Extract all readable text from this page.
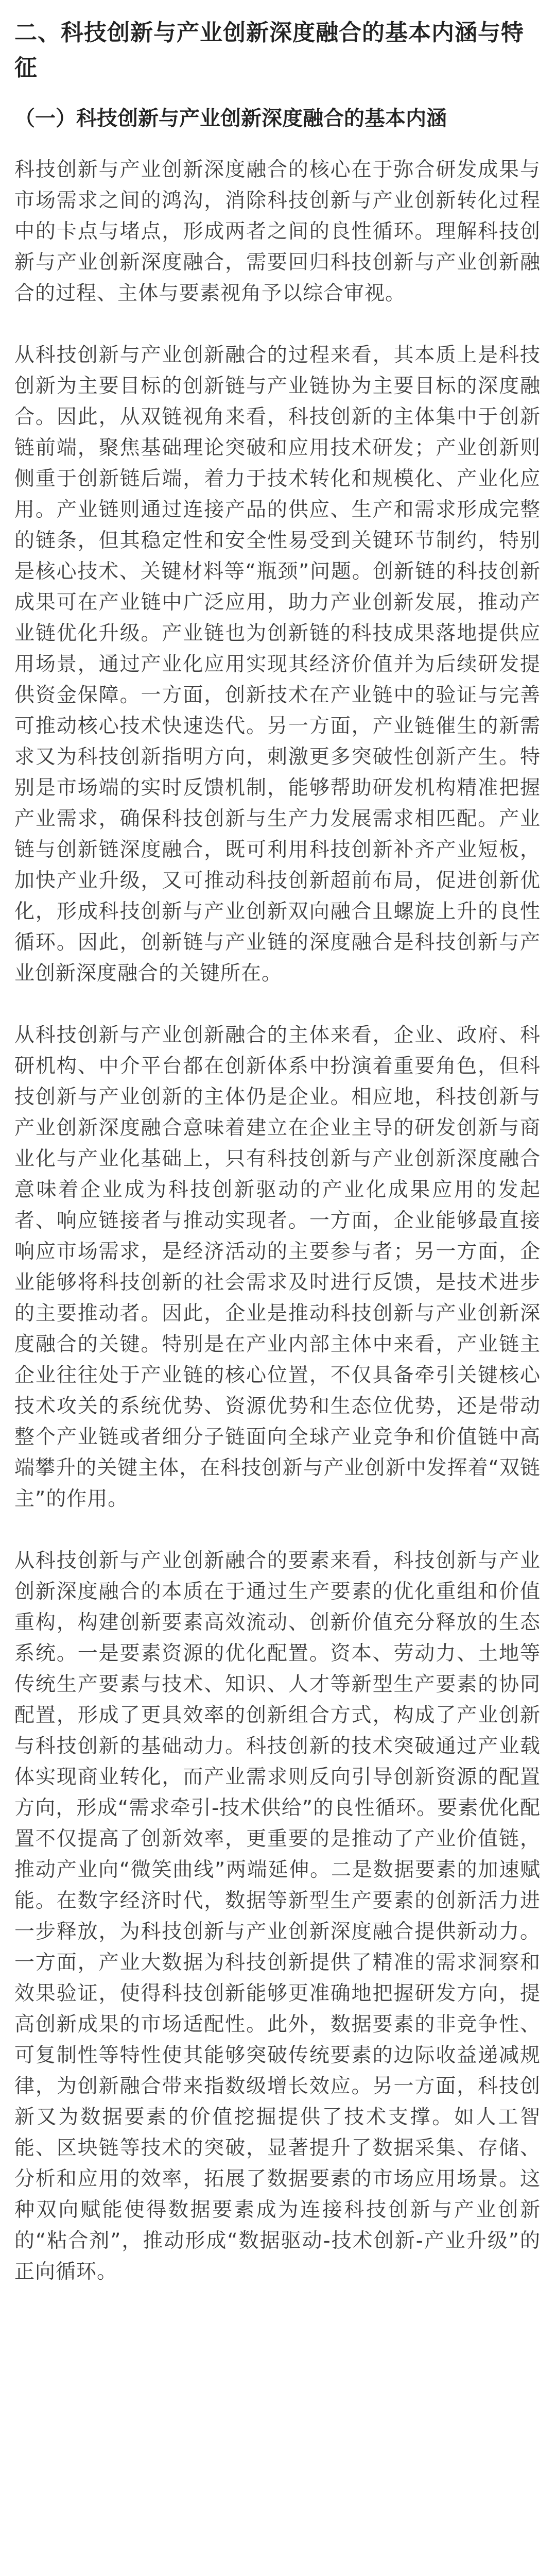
二、科技创新与产业创新深度融合的基本内涵与特征
（一）科技创新与产业创新深度融合的基本内涵

科技创新与产业创新深度融合的核心在于弥合研发成果与市场需求之间的鸿沟，消除科技创新与产业创新转化过程中的卡点与堵点，形成两者之间的良性循环。理解科技创新与产业创新深度融合，需要回归科技创新与产业创新融合的过程、主体与要素视角予以综合审视。

从科技创新与产业创新融合的过程来看，其本质上是科技创新为主要目标的创新链与产业链协为主要目标的深度融合。因此，从双链视角来看，科技创新的主体集中于创新链前端，聚焦基础理论突破和应用技术研发；产业创新则侧重于创新链后端，着力于技术转化和规模化、产业化应用。产业链则通过连接产品的供应、生产和需求形成完整的链条，但其稳定性和安全性易受到关键环节制约，特别是核心技术、关键材料等“瓶颈”问题。创新链的科技创新成果可在产业链中广泛应用，助力产业创新发展，推动产业链优化升级。产业链也为创新链的科技成果落地提供应用场景，通过产业化应用实现其经济价值并为后续研发提供资金保障。一方面，创新技术在产业链中的验证与完善可推动核心技术快速迭代。另一方面，产业链催生的新需求又为科技创新指明方向，刺激更多突破性创新产生。特别是市场端的实时反馈机制，能够帮助研发机构精准把握产业需求，确保科技创新与生产力发展需求相匹配。产业链与创新链深度融合，既可利用科技创新补齐产业短板，加快产业升级，又可推动科技创新超前布局，促进创新优化，形成科技创新与产业创新双向融合且螺旋上升的良性循环。因此，创新链与产业链的深度融合是科技创新与产业创新深度融合的关键所在。

从科技创新与产业创新融合的主体来看，企业、政府、科研机构、中介平台都在创新体系中扮演着重要角色，但科技创新与产业创新的主体仍是企业。相应地，科技创新与产业创新深度融合意味着建立在企业主导的研发创新与商业化与产业化基础上，只有科技创新与产业创新深度融合意味着企业成为科技创新驱动的产业化成果应用的发起者、响应链接者与推动实现者。一方面，企业能够最直接响应市场需求，是经济活动的主要参与者；另一方面，企业能够将科技创新的社会需求及时进行反馈，是技术进步的主要推动者。因此，企业是推动科技创新与产业创新深度融合的关键。特别是在产业内部主体中来看，产业链主企业往往处于产业链的核心位置，不仅具备牵引关键核心技术攻关的系统优势、资源优势和生态位优势，还是带动整个产业链或者细分子链面向全球产业竞争和价值链中高端攀升的关键主体，在科技创新与产业创新中发挥着“双链主”的作用。

从科技创新与产业创新融合的要素来看，科技创新与产业创新深度融合的本质在于通过生产要素的优化重组和价值重构，构建创新要素高效流动、创新价值充分释放的生态系统。一是要素资源的优化配置。资本、劳动力、土地等传统生产要素与技术、知识、人才等新型生产要素的协同配置，形成了更具效率的创新组合方式，构成了产业创新与科技创新的基础动力。科技创新的技术突破通过产业载体实现商业转化，而产业需求则反向引导创新资源的配置方向，形成“需求牵引-技术供给”的良性循环。要素优化配置不仅提高了创新效率，更重要的是推动了产业价值链，推动产业向“微笑曲线”两端延伸。二是数据要素的加速赋能。在数字经济时代，数据等新型生产要素的创新活力进一步释放，为科技创新与产业创新深度融合提供新动力。一方面，产业大数据为科技创新提供了精准的需求洞察和效果验证，使得科技创新能够更准确地把握研发方向，提高创新成果的市场适配性。此外，数据要素的非竞争性、可复制性等特性使其能够突破传统要素的边际收益递减规律，为创新融合带来指数级增长效应。另一方面，科技创新又为数据要素的价值挖掘提供了技术支撑。如人工智能、区块链等技术的突破，显著提升了数据采集、存储、分析和应用的效率，拓展了数据要素的市场应用场景。这种双向赋能使得数据要素成为连接科技创新与产业创新的“粘合剂”，推动形成“数据驱动-技术创新-产业升级”的正向循环。
